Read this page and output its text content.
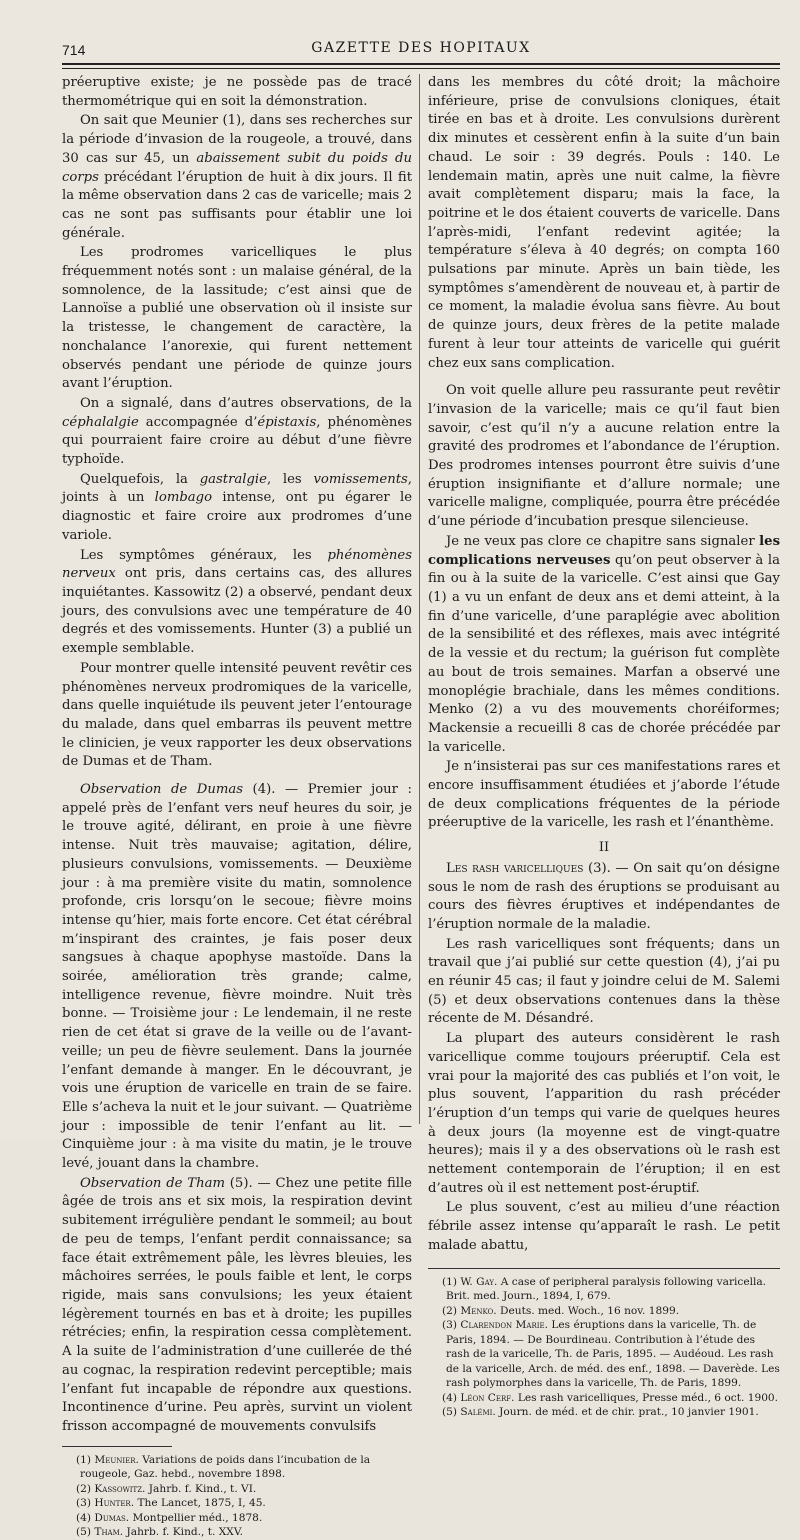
714	GAZETTE DES HOPITAUX

préeruptive existe; je ne possède pas de tracé thermométrique qui en soit la démonstration.

On sait que Meunier (1), dans ses recherches sur la période d’invasion de la rougeole, a trouvé, dans 30 cas sur 45, un abaissement subit du poids du corps précédant l’éruption de huit à dix jours. Il fit la même observation dans 2 cas de varicelle; mais 2 cas ne sont pas suffisants pour établir une loi générale.

Les prodromes varicelliques le plus fréquemment notés sont : un malaise général, de la somnolence, de la lassitude; c’est ainsi que de Lannoïse a publié une observation où il insiste sur la tristesse, le changement de caractère, la nonchalance l’anorexie, qui furent nettement observés pendant une période de quinze jours avant l’éruption.

On a signalé, dans d’autres observations, de la céphalalgie accompagnée d’épistaxis, phénomènes qui pourraient faire croire au début d’une fièvre typhoïde.

Quelquefois, la gastralgie, les vomissements, joints à un lombago intense, ont pu égarer le diagnostic et faire croire aux prodromes d’une variole.

Les symptômes généraux, les phénomènes nerveux ont pris, dans certains cas, des allures inquiétantes. Kassowitz (2) a observé, pendant deux jours, des convulsions avec une température de 40 degrés et des vomissements. Hunter (3) a publié un exemple semblable.

Pour montrer quelle intensité peuvent revêtir ces phénomènes nerveux prodromiques de la varicelle, dans quelle inquiétude ils peuvent jeter l’entourage du malade, dans quel embarras ils peuvent mettre le clinicien, je veux rapporter les deux observations de Dumas et de Tham.

Observation de Dumas (4). — Premier jour : appelé près de l’enfant vers neuf heures du soir, je le trouve agité, délirant, en proie à une fièvre intense. Nuit très mauvaise; agitation, délire, plusieurs convulsions, vomissements. — Deuxième jour : à ma première visite du matin, somnolence profonde, cris lorsqu’on le secoue; fièvre moins intense qu’hier, mais forte encore. Cet état cérébral m’inspirant des craintes, je fais poser deux sangsues à chaque apophyse mastoïde. Dans la soirée, amélioration très grande; calme, intelligence revenue, fièvre moindre. Nuit très bonne. — Troisième jour : Le lendemain, il ne reste rien de cet état si grave de la veille ou de l’avant-veille; un peu de fièvre seulement. Dans la journée l’enfant demande à manger. En le découvrant, je vois une éruption de varicelle en train de se faire. Elle s’acheva la nuit et le jour suivant. — Quatrième jour : impossible de tenir l’enfant au lit. — Cinquième jour : à ma visite du matin, je le trouve levé, jouant dans la chambre.

Observation de Tham (5). — Chez une petite fille âgée de trois ans et six mois, la respiration devint subitement irrégulière pendant le sommeil; au bout de peu de temps, l’enfant perdit connaissance; sa face était extrêmement pâle, les lèvres bleuies, les mâchoires serrées, le pouls faible et lent, le corps rigide, mais sans convulsions; les yeux étaient légèrement tournés en bas et à droite; les pupilles rétrécies; enfin, la respiration cessa complètement. A la suite de l’administration d’une cuillerée de thé au cognac, la respiration redevint perceptible; mais l’enfant fut incapable de répondre aux questions. Incontinence d’urine. Peu après, survint un violent frisson accompagné de mouvements convulsifs

(1) Meunier. Variations de poids dans l’incubation de la rougeole, Gaz. hebd., novembre 1898.
(2) Kassowitz. Jahrb. f. Kind., t. VI.
(3) Hunter. The Lancet, 1875, I, 45.
(4) Dumas. Montpellier méd., 1878.
(5) Tham. Jahrb. f. Kind., t. XXV.

dans les membres du côté droit; la mâchoire inférieure, prise de convulsions cloniques, était tirée en bas et à droite. Les convulsions durèrent dix minutes et cessèrent enfin à la suite d’un bain chaud. Le soir : 39 degrés. Pouls : 140. Le lendemain matin, après une nuit calme, la fièvre avait complètement disparu; mais la face, la poitrine et le dos étaient couverts de varicelle. Dans l’après-midi, l’enfant redevint agitée; la température s’éleva à 40 degrés; on compta 160 pulsations par minute. Après un bain tiède, les symptômes s’amendèrent de nouveau et, à partir de ce moment, la maladie évolua sans fièvre. Au bout de quinze jours, deux frères de la petite malade furent à leur tour atteints de varicelle qui guérit chez eux sans complication.

On voit quelle allure peu rassurante peut revêtir l’invasion de la varicelle; mais ce qu’il faut bien savoir, c’est qu’il n’y a aucune relation entre la gravité des prodromes et l’abondance de l’éruption. Des prodromes intenses pourront être suivis d’une éruption insignifiante et d’allure normale; une varicelle maligne, compliquée, pourra être précédée d’une période d’incubation presque silencieuse.

Je ne veux pas clore ce chapitre sans signaler les complications nerveuses qu’on peut observer à la fin ou à la suite de la varicelle. C’est ainsi que Gay (1) a vu un enfant de deux ans et demi atteint, à la fin d’une varicelle, d’une paraplégie avec abolition de la sensibilité et des réflexes, mais avec intégrité de la vessie et du rectum; la guérison fut complète au bout de trois semaines. Marfan a observé une monoplégie brachiale, dans les mêmes conditions. Menko (2) a vu des mouvements choréiformes; Mackensie a recueilli 8 cas de chorée précédée par la varicelle.

Je n’insisterai pas sur ces manifestations rares et encore insuffisamment étudiées et j’aborde l’étude de deux complications fréquentes de la période préeruptive de la varicelle, les rash et l’énanthème.

II

Les rash varicelliques (3). — On sait qu’on désigne sous le nom de rash des éruptions se produisant au cours des fièvres éruptives et indépendantes de l’éruption normale de la maladie.

Les rash varicelliques sont fréquents; dans un travail que j’ai publié sur cette question (4), j’ai pu en réunir 45 cas; il faut y joindre celui de M. Salemi (5) et deux observations contenues dans la thèse récente de M. Désandré.

La plupart des auteurs considèrent le rash varicellique comme toujours préeruptif. Cela est vrai pour la majorité des cas publiés et l’on voit, le plus souvent, l’apparition du rash précéder l’éruption d’un temps qui varie de quelques heures à deux jours (la moyenne est de vingt-quatre heures); mais il y a des observations où le rash est nettement contemporain de l’éruption; il en est d’autres où il est nettement post-éruptif.

Le plus souvent, c’est au milieu d’une réaction fébrile assez intense qu’apparaît le rash. Le petit malade abattu,

(1) W. Gay. A case of peripheral paralysis following varicella. Brit. med. Journ., 1894, I, 679.
(2) Menko. Deuts. med. Woch., 16 nov. 1899.
(3) Clarendon Marie. Les éruptions dans la varicelle, Th. de Paris, 1894. — De Bourdineau. Contribution à l’étude des rash de la varicelle, Th. de Paris, 1895. — Audéoud. Les rash de la varicelle, Arch. de méd. des enf., 1898. — Daverède. Les rash polymorphes dans la varicelle, Th. de Paris, 1899.
(4) Léon Cerf. Les rash varicelliques, Presse méd., 6 oct. 1900.
(5) Salémi. Journ. de méd. et de chir. prat., 10 janvier 1901.
